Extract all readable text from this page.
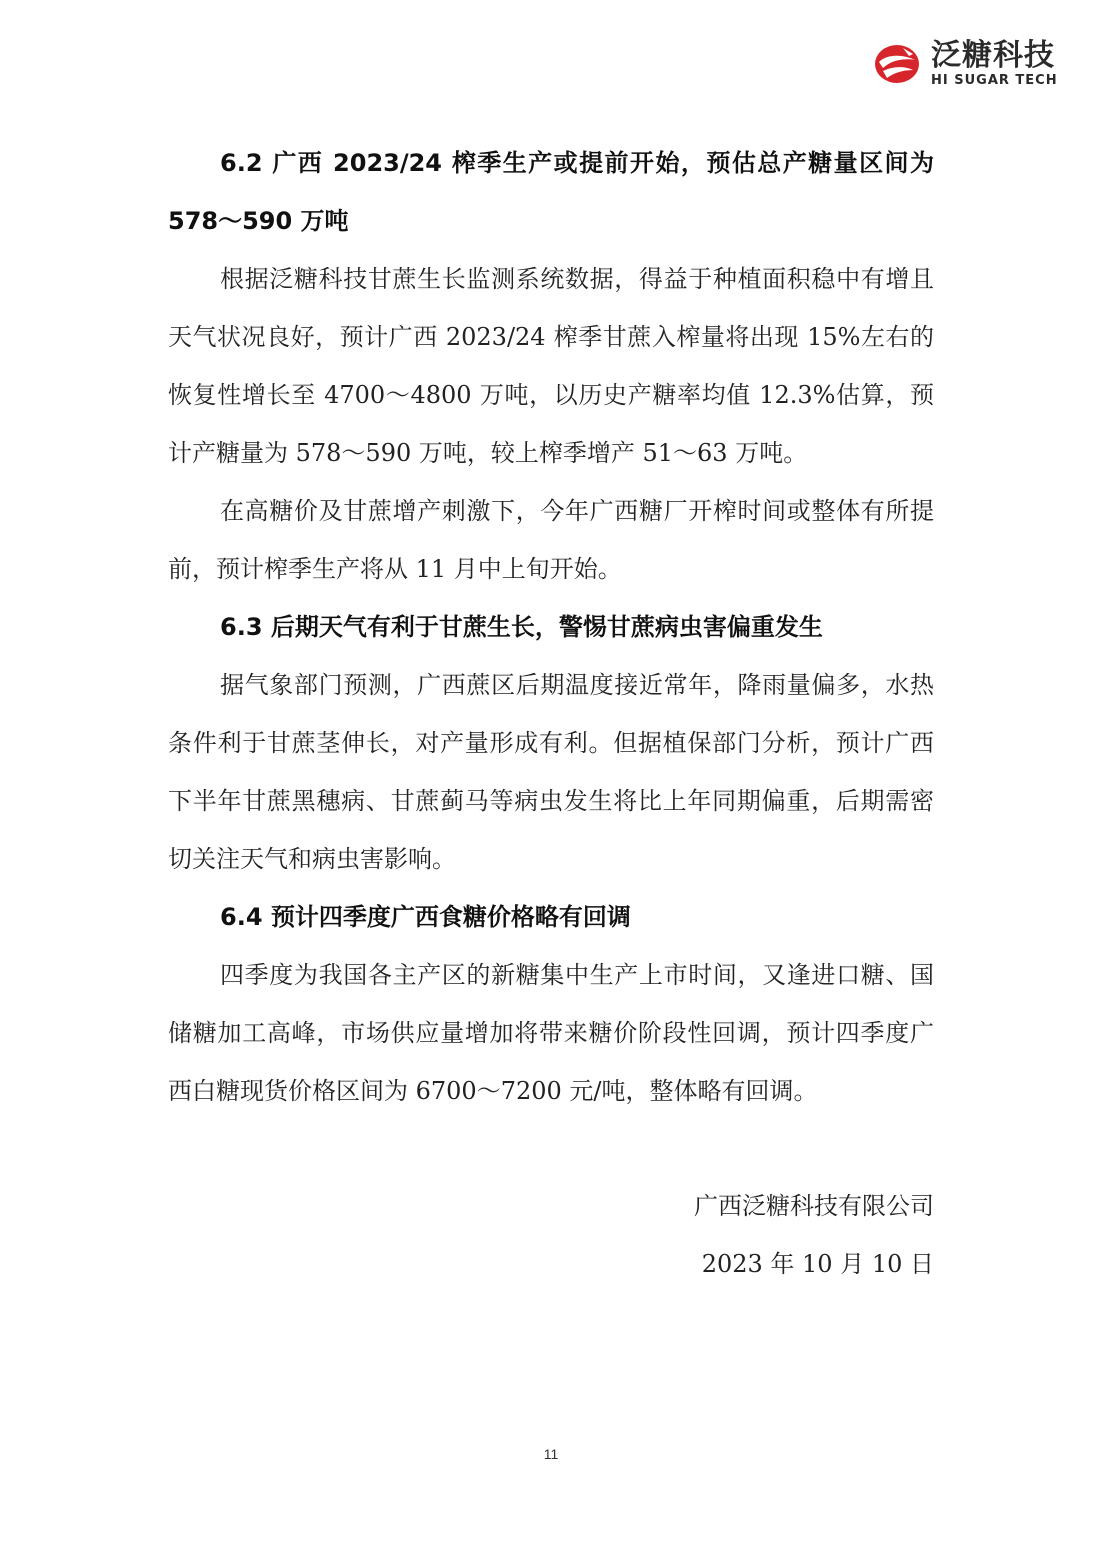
泛糖科技
HI SUGAR TECH

6.2 广西 2023/24 榨季生产或提前开始，预估总产糖量区间为578～590 万吨

根据泛糖科技甘蔗生长监测系统数据，得益于种植面积稳中有增且天气状况良好，预计广西 2023/24 榨季甘蔗入榨量将出现 15%左右的恢复性增长至 4700～4800 万吨，以历史产糖率均值 12.3%估算，预计产糖量为 578～590 万吨，较上榨季增产 51～63 万吨。

在高糖价及甘蔗增产刺激下，今年广西糖厂开榨时间或整体有所提前，预计榨季生产将从 11 月中上旬开始。

6.3 后期天气有利于甘蔗生长，警惕甘蔗病虫害偏重发生

据气象部门预测，广西蔗区后期温度接近常年，降雨量偏多，水热条件利于甘蔗茎伸长，对产量形成有利。但据植保部门分析，预计广西下半年甘蔗黑穗病、甘蔗蓟马等病虫发生将比上年同期偏重，后期需密切关注天气和病虫害影响。

6.4 预计四季度广西食糖价格略有回调

四季度为我国各主产区的新糖集中生产上市时间，又逢进口糖、国储糖加工高峰，市场供应量增加将带来糖价阶段性回调，预计四季度广西白糖现货价格区间为 6700～7200 元/吨，整体略有回调。

广西泛糖科技有限公司
2023 年 10 月 10 日
11
